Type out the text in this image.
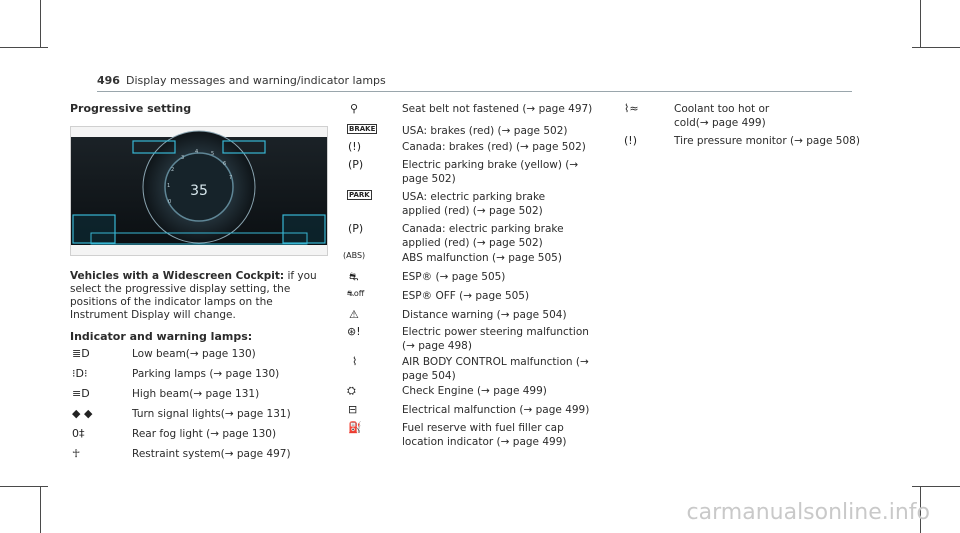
496 Display messages and warning/indicator lamps
Progressive setting
1
2
3
4	5
6
7
0
35
Vehicles with a Widescreen Cockpit: if you select the progressive display setting, the positions of the indicator lamps on the Instrument Display will change.
Indicator and warning lamps:
≣D	Low beam(→ page 130)
⁝D⁝	Parking lamps (→ page 130)
≡D	High beam(→ page 131)
◆ ◆	Turn signal lights(→ page 131)
0‡	Rear fog light (→ page 130)
☥	Restraint system(→ page 497)
⚲	Seat belt not fastened (→ page 497)
BRAKE	USA: brakes (red) (→ page 502)
(!)	Canada: brakes (red) (→ page 502)
(P)	Electric parking brake (yellow) (→ page 502)
PARK	USA: electric parking brake applied (red) (→ page 502)
(P)	Canada: electric parking brake applied (red) (→ page 502)
(ABS)	ABS malfunction (→ page 505)
⛐	ESP® (→ page 505)
⛐off	ESP® OFF (→ page 505)
⚠	Distance warning (→ page 504)
⊛!	Electric power steering malfunction (→ page 498)
⌇	AIR BODY CONTROL malfunction (→ page 504)
⛭	Check Engine (→ page 499)
⊟	Electrical malfunction (→ page 499)
⛽	Fuel reserve with fuel filler cap location indicator (→ page 499)
⌇≈	Coolant too hot or cold(→ page 499)
(!)	Tire pressure monitor (→ page 508)
carmanualsonline.info
